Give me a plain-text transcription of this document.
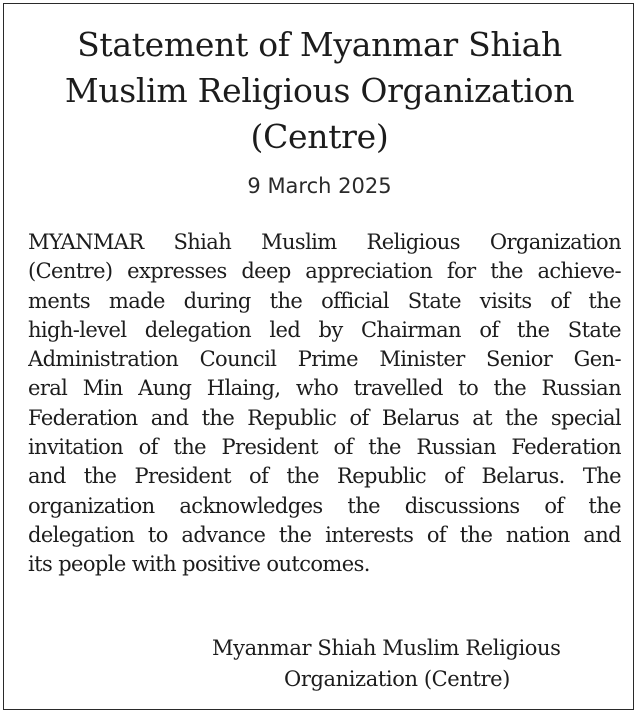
Statement of Myanmar Shiah
Muslim Religious Organization
(Centre)
9 March 2025
MYANMAR Shiah Muslim Religious Organization
(Centre) expresses deep appreciation for the achieve-
ments made during the official State visits of the
high-level delegation led by Chairman of the State
Administration Council Prime Minister Senior Gen-
eral Min Aung Hlaing, who travelled to the Russian
Federation and the Republic of Belarus at the special
invitation of the President of the Russian Federation
and the President of the Republic of Belarus. The
organization acknowledges the discussions of the
delegation to advance the interests of the nation and
its people with positive outcomes.
Myanmar Shiah Muslim Religious
Organization (Centre)
